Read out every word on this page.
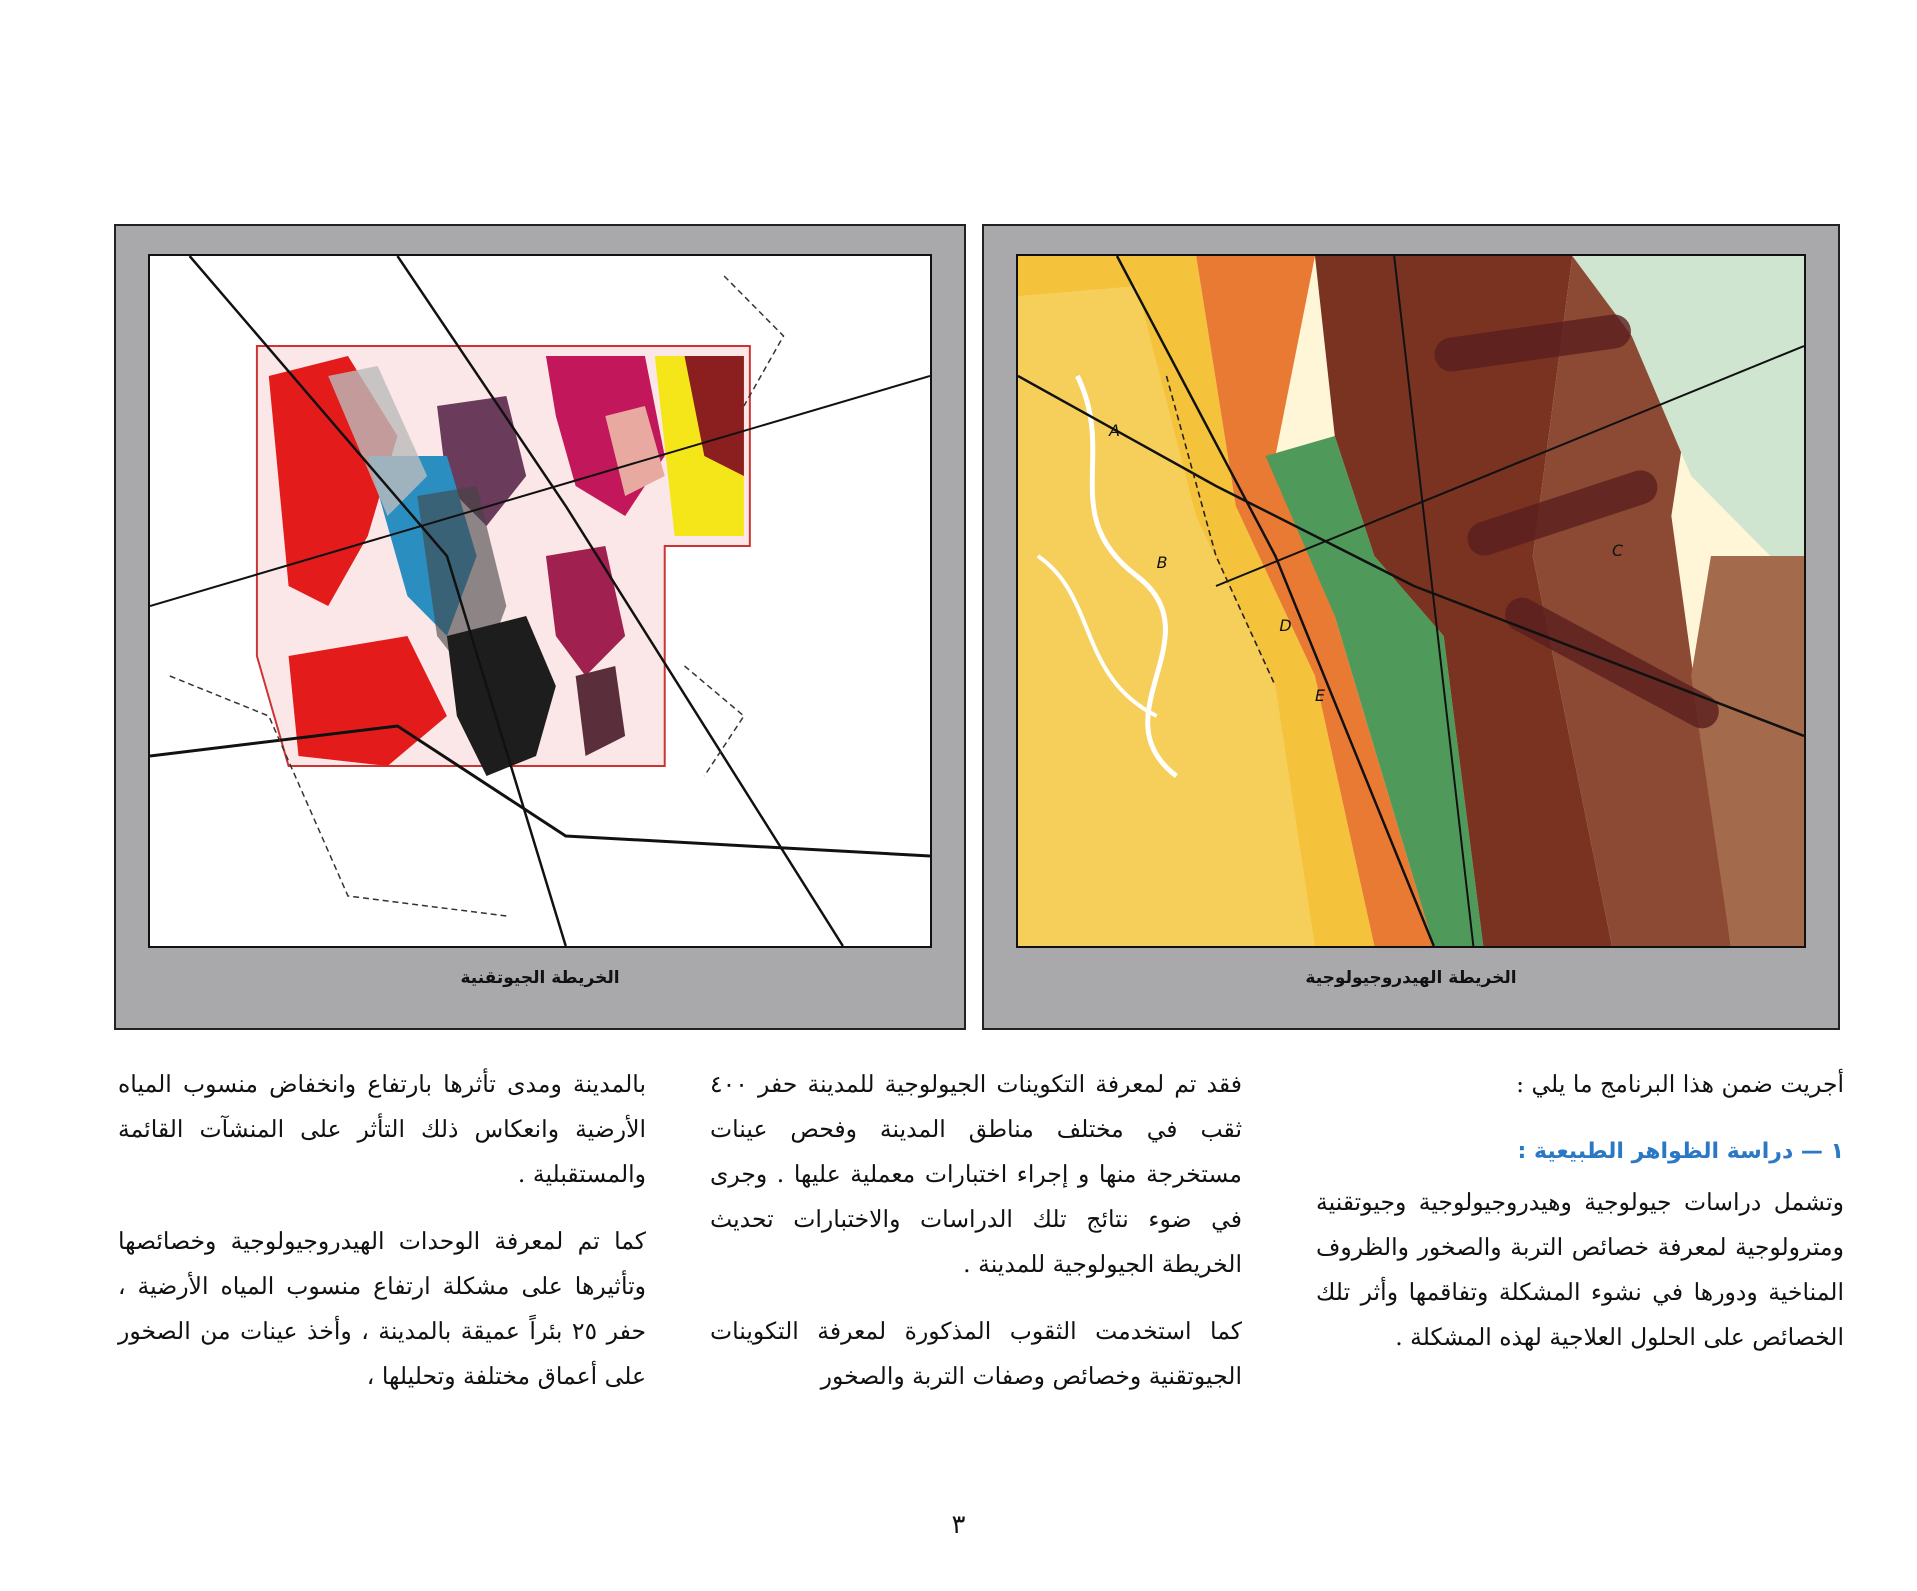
الخريطة الجيوتقنية
A
B
D
E
C
الخريطة الهيدروجيولوجية

أجريت ضمن هذا البرنامج ما يلي :

١ — دراسة الظواهر الطبيعية :

وتشمل دراسات جيولوجية وهيدروجيولوجية وجيوتقنية ومترولوجية لمعرفة خصائص التربة والصخور والظروف المناخية ودورها في نشوء المشكلة وتفاقمها وأثر تلك الخصائص على الحلول العلاجية لهذه المشكلة .

فقد تم لمعرفة التكوينات الجيولوجية للمدينة حفر ٤٠٠ ثقب في مختلف مناطق المدينة وفحص عينات مستخرجة منها و إجراء اختبارات معملية عليها . وجرى في ضوء نتائج تلك الدراسات والاختبارات تحديث الخريطة الجيولوجية للمدينة .

كما استخدمت الثقوب المذكورة لمعرفة التكوينات الجيوتقنية وخصائص وصفات التربة والصخور

بالمدينة ومدى تأثرها بارتفاع وانخفاض منسوب المياه الأرضية وانعكاس ذلك التأثر على المنشآت القائمة والمستقبلية .

كما تم لمعرفة الوحدات الهيدروجيولوجية وخصائصها وتأثيرها على مشكلة ارتفاع منسوب المياه الأرضية ، حفر ٢٥ بئراً عميقة بالمدينة ، وأخذ عينات من الصخور على أعماق مختلفة وتحليلها ،

٣
